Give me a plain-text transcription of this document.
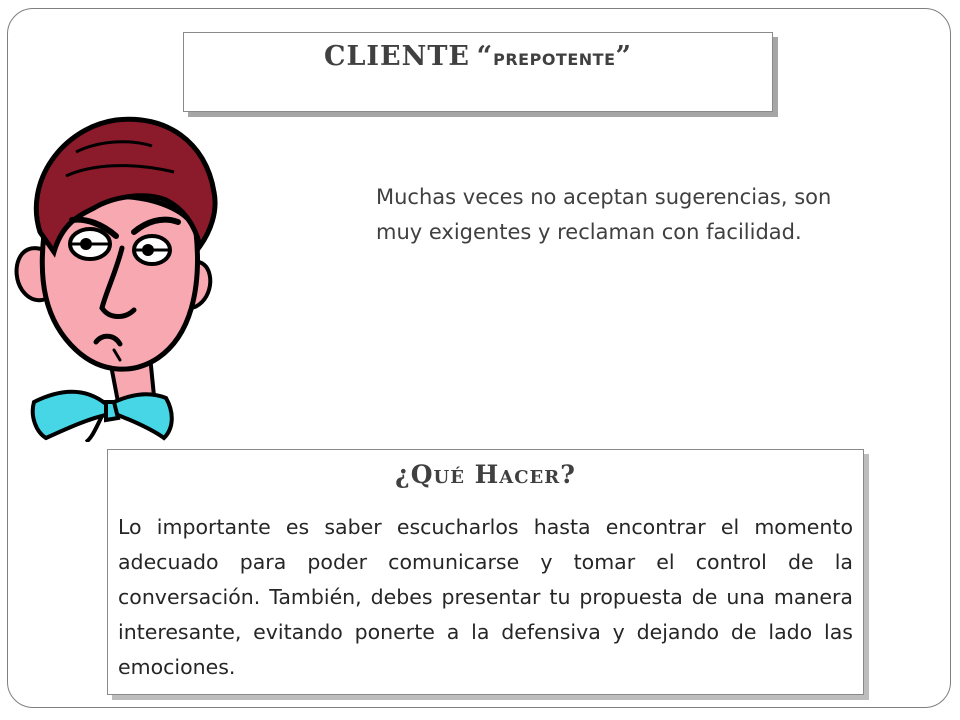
CLIENTE “PREPOTENTE”
Muchas veces no aceptan sugerencias, son muy exigentes y reclaman con facilidad.
¿Qué Hacer?
Lo importante es saber escucharlos hasta encontrar el momento adecuado para poder comunicarse y tomar el control de la conversación. También, debes presentar tu propuesta de una manera interesante, evitando ponerte a la defensiva y dejando de lado las emociones.
